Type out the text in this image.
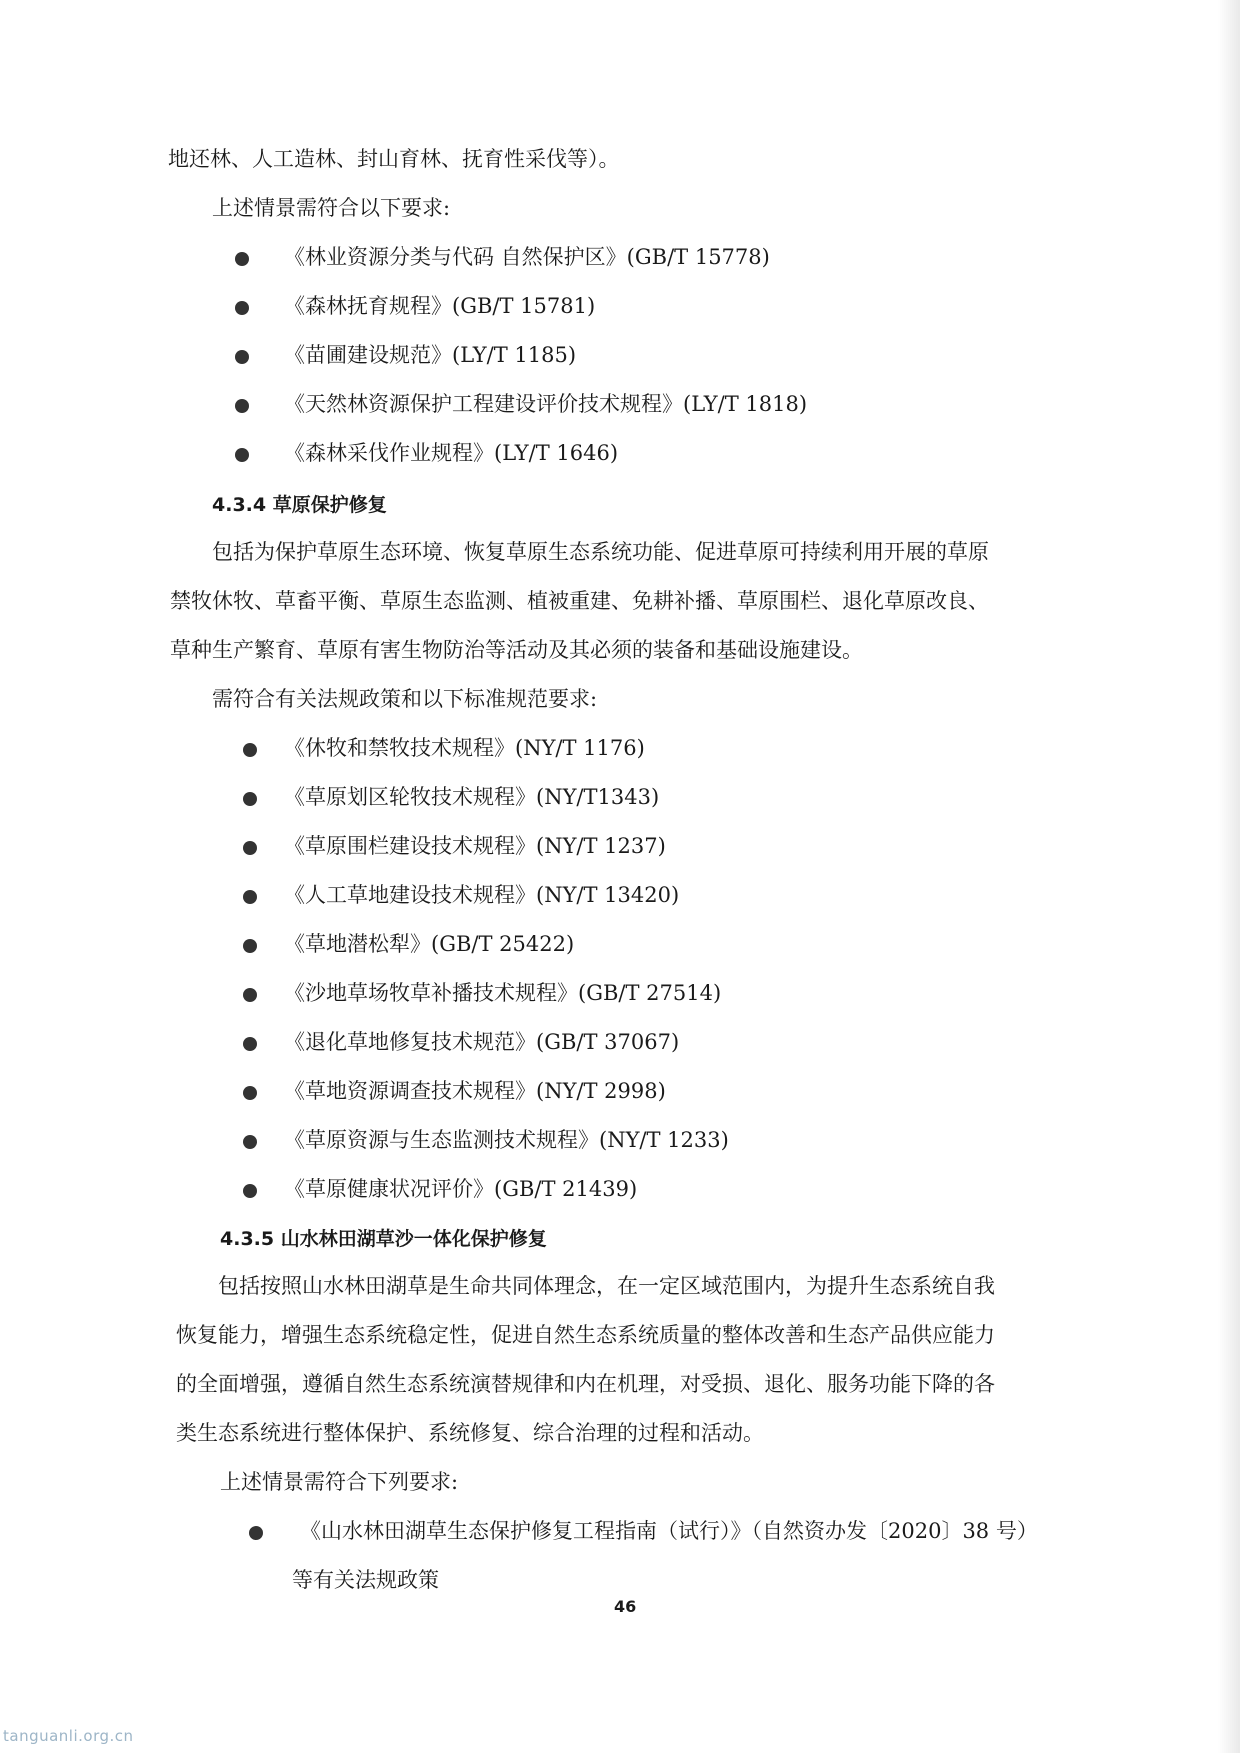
地还林、人工造林、封山育林、抚育性采伐等）。
上述情景需符合以下要求:
《林业资源分类与代码 自然保护区》(GB/T 15778)
《森林抚育规程》(GB/T 15781)
《苗圃建设规范》(LY/T 1185)
《天然林资源保护工程建设评价技术规程》(LY/T 1818)
《森林采伐作业规程》(LY/T 1646)
4.3.4 草原保护修复
包括为保护草原生态环境、恢复草原生态系统功能、促进草原可持续利用开展的草原
禁牧休牧、草畜平衡、草原生态监测、植被重建、免耕补播、草原围栏、退化草原改良、
草种生产繁育、草原有害生物防治等活动及其必须的装备和基础设施建设。
需符合有关法规政策和以下标准规范要求:
《休牧和禁牧技术规程》(NY/T 1176)
《草原划区轮牧技术规程》(NY/T1343)
《草原围栏建设技术规程》(NY/T 1237)
《人工草地建设技术规程》(NY/T 13420)
《草地潜松犁》(GB/T 25422)
《沙地草场牧草补播技术规程》(GB/T 27514)
《退化草地修复技术规范》(GB/T 37067)
《草地资源调查技术规程》(NY/T 2998)
《草原资源与生态监测技术规程》(NY/T 1233)
《草原健康状况评价》(GB/T 21439)
4.3.5 山水林田湖草沙一体化保护修复
包括按照山水林田湖草是生命共同体理念，在一定区域范围内，为提升生态系统自我
恢复能力，增强生态系统稳定性，促进自然生态系统质量的整体改善和生态产品供应能力
的全面增强，遵循自然生态系统演替规律和内在机理，对受损、退化、服务功能下降的各
类生态系统进行整体保护、系统修复、综合治理的过程和活动。
上述情景需符合下列要求:
《山水林田湖草生态保护修复工程指南（试行）》（自然资办发〔2020〕38 号）
等有关法规政策
46
tanguanli.org.cn
